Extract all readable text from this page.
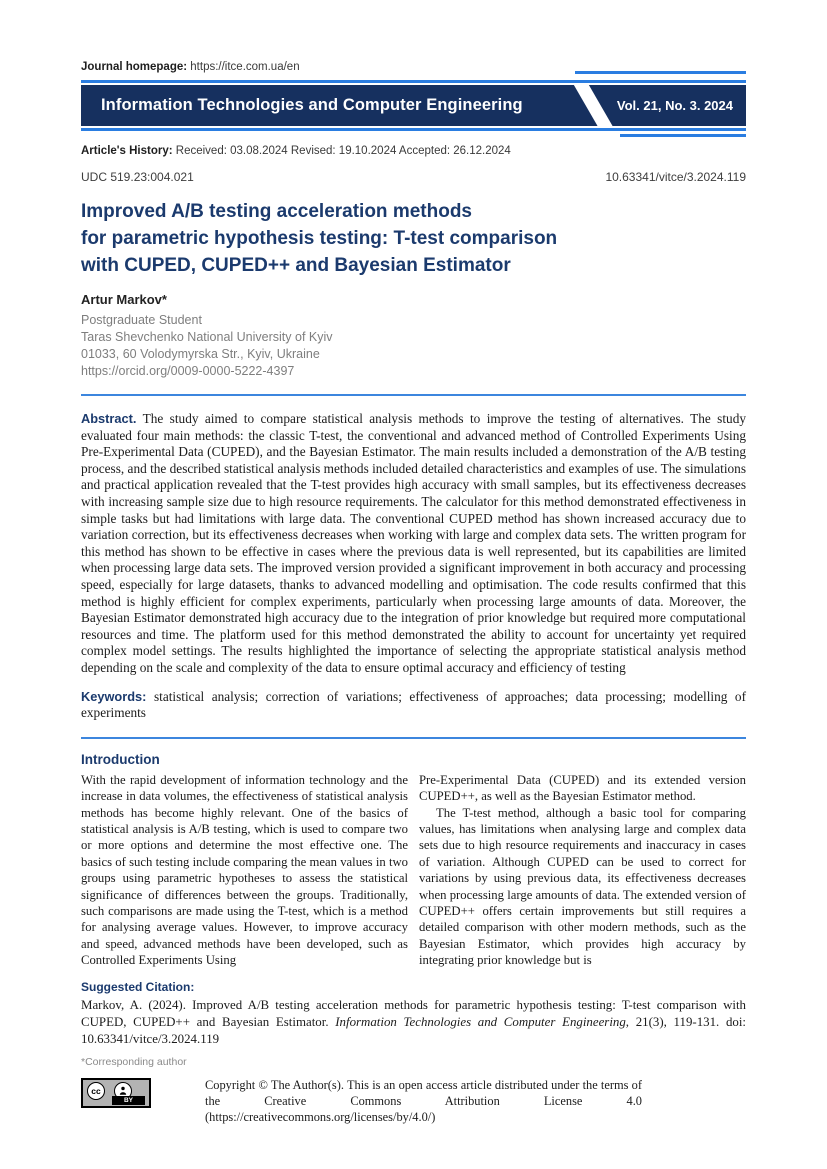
Journal homepage: https://itce.com.ua/en
Information Technologies and Computer Engineering	Vol. 21, No. 3. 2024
Article's History: Received: 03.08.2024 Revised: 19.10.2024 Accepted: 26.12.2024
UDC 519.23:004.021	10.63341/vitce/3.2024.119
Improved A/B testing acceleration methods
for parametric hypothesis testing: T-test comparison
with CUPED, CUPED++ and Bayesian Estimator
Artur Markov*
Postgraduate Student
Taras Shevchenko National University of Kyiv
01033, 60 Volodymyrska Str., Kyiv, Ukraine
https://orcid.org/0009-0000-5222-4397

Abstract. The study aimed to compare statistical analysis methods to improve the testing of alternatives. The study evaluated four main methods: the classic T-test, the conventional and advanced method of Controlled Experiments Using Pre-Experimental Data (CUPED), and the Bayesian Estimator. The main results included a demonstration of the A/B testing process, and the described statistical analysis methods included detailed characteristics and examples of use. The simulations and practical application revealed that the T-test provides high accuracy with small samples, but its effectiveness decreases with increasing sample size due to high resource requirements. The calculator for this method demonstrated effectiveness in simple tasks but had limitations with large data. The conventional CUPED method has shown increased accuracy due to variation correction, but its effectiveness decreases when working with large and complex data sets. The written program for this method has shown to be effective in cases where the previous data is well represented, but its capabilities are limited when processing large data sets. The improved version provided a significant improvement in both accuracy and processing speed, especially for large datasets, thanks to advanced modelling and optimisation. The code results confirmed that this method is highly efficient for complex experiments, particularly when processing large amounts of data. Moreover, the Bayesian Estimator demonstrated high accuracy due to the integration of prior knowledge but required more computational resources and time. The platform used for this method demonstrated the ability to account for uncertainty yet required complex model settings. The results highlighted the importance of selecting the appropriate statistical analysis method depending on the scale and complexity of the data to ensure optimal accuracy and efficiency of testing

Keywords: statistical analysis; correction of variations; effectiveness of approaches; data processing; modelling of experiments

Introduction

With the rapid development of information technology and the increase in data volumes, the effectiveness of statistical analysis methods has become highly relevant. One of the basics of statistical analysis is A/B testing, which is used to compare two or more options and determine the most effective one. The basics of such testing include comparing the mean values in two groups using parametric hypotheses to assess the statistical significance of differences between the groups. Traditionally, such comparisons are made using the T-test, which is a method for analysing average values. However, to improve accuracy and speed, advanced methods have been developed, such as Controlled Experiments Using

Pre-Experimental Data (CUPED) and its extended version CUPED++, as well as the Bayesian Estimator method.

The T-test method, although a basic tool for comparing values, has limitations when analysing large and complex data sets due to high resource requirements and inaccuracy in cases of variation. Although CUPED can be used to correct for variations by using previous data, its effectiveness decreases when processing large amounts of data. The extended version of CUPED++ offers certain improvements but still requires a detailed comparison with other modern methods, such as the Bayesian Estimator, which provides high accuracy by integrating prior knowledge but is

Suggested Citation:

Markov, A. (2024). Improved A/B testing acceleration methods for parametric hypothesis testing: T-test comparison with CUPED, CUPED++ and Bayesian Estimator. Information Technologies and Computer Engineering, 21(3), 119-131. doi: 10.63341/vitce/3.2024.119

*Corresponding author
cc
BY
Copyright © The Author(s). This is an open access article distributed under the terms of the Creative Commons Attribution License 4.0 (https://creativecommons.org/licenses/by/4.0/)
